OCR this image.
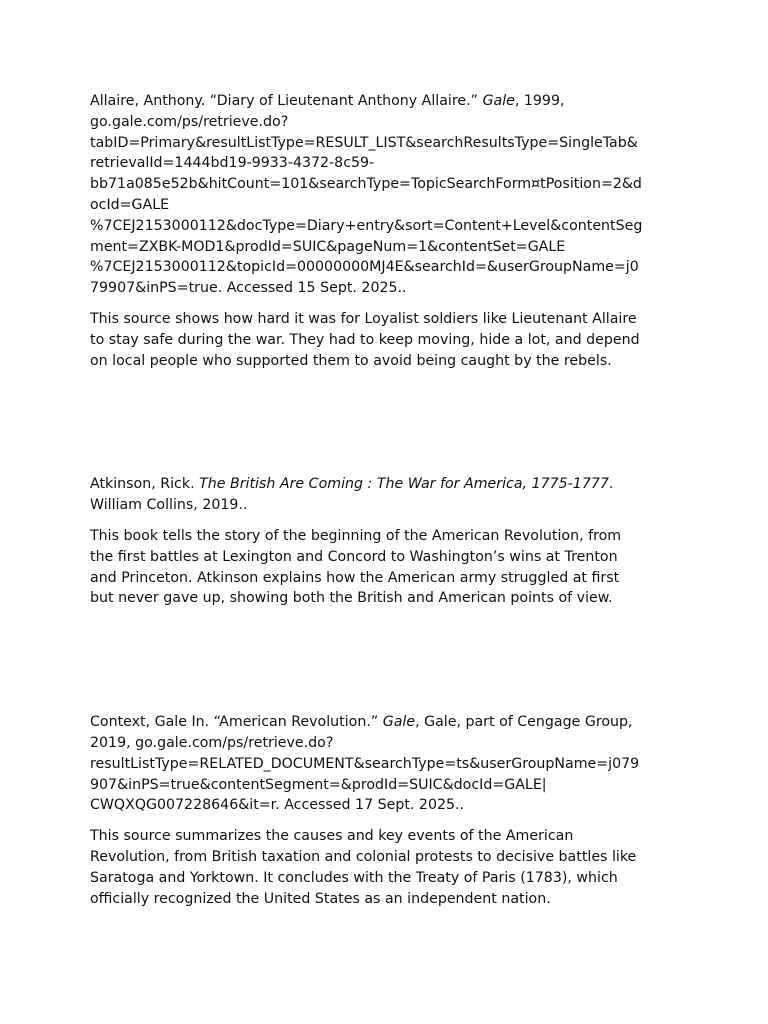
Allaire, Anthony. “Diary of Lieutenant Anthony Allaire.” Gale, 1999,
go.gale.com/ps/retrieve.do?
tabID=Primary&resultListType=RESULT_LIST&searchResultsType=SingleTab&
retrievalId=1444bd19-9933-4372-8c59-
bb71a085e52b&hitCount=101&searchType=TopicSearchForm¤tPosition=2&d
ocId=GALE
%7CEJ2153000112&docType=Diary+entry&sort=Content+Level&contentSeg
ment=ZXBK-MOD1&prodId=SUIC&pageNum=1&contentSet=GALE
%7CEJ2153000112&topicId=00000000MJ4E&searchId=&userGroupName=j0
79907&inPS=true. Accessed 15 Sept. 2025..
This source shows how hard it was for Loyalist soldiers like Lieutenant Allaire
to stay safe during the war. They had to keep moving, hide a lot, and depend
on local people who supported them to avoid being caught by the rebels.
Atkinson, Rick. The British Are Coming : The War for America, 1775-1777.
William Collins, 2019..
This book tells the story of the beginning of the American Revolution, from
the first battles at Lexington and Concord to Washington’s wins at Trenton
and Princeton. Atkinson explains how the American army struggled at first
but never gave up, showing both the British and American points of view.
Context, Gale In. “American Revolution.” Gale, Gale, part of Cengage Group,
2019, go.gale.com/ps/retrieve.do?
resultListType=RELATED_DOCUMENT&searchType=ts&userGroupName=j079
907&inPS=true&contentSegment=&prodId=SUIC&docId=GALE|
CWQXQG007228646&it=r. Accessed 17 Sept. 2025..
This source summarizes the causes and key events of the American
Revolution, from British taxation and colonial protests to decisive battles like
Saratoga and Yorktown. It concludes with the Treaty of Paris (1783), which
officially recognized the United States as an independent nation.
